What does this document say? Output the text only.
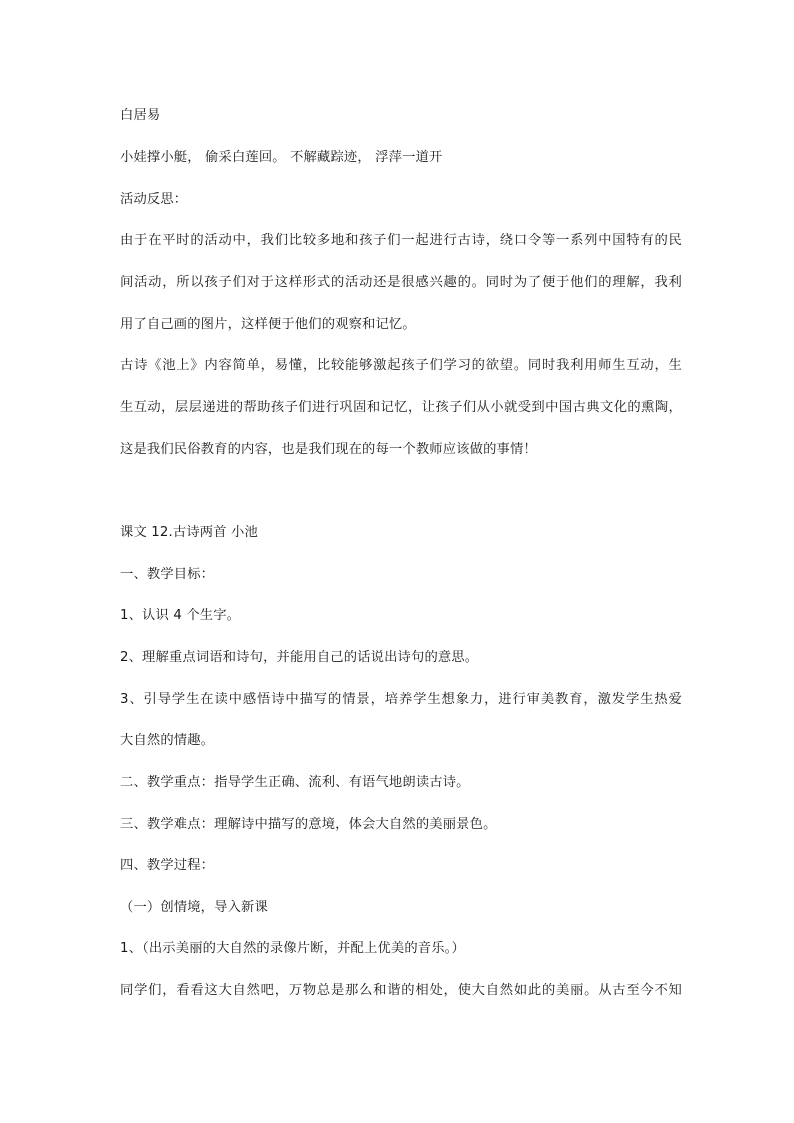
白居易
小娃撑小艇， 偷采白莲回。 不解藏踪迹， 浮萍一道开
活动反思：
由于在平时的活动中，我们比较多地和孩子们一起进行古诗，绕口令等一系列中国特有的民
间活动，所以孩子们对于这样形式的活动还是很感兴趣的。同时为了便于他们的理解，我利
用了自己画的图片，这样便于他们的观察和记忆。
古诗《池上》内容简单，易懂，比较能够激起孩子们学习的欲望。同时我利用师生互动，生
生互动，层层递进的帮助孩子们进行巩固和记忆，让孩子们从小就受到中国古典文化的熏陶，
这是我们民俗教育的内容，也是我们现在的每一个教师应该做的事情！
课文 12.古诗两首 小池
一、教学目标：
1、认识 4 个生字。
2、理解重点词语和诗句，并能用自己的话说出诗句的意思。
3、引导学生在读中感悟诗中描写的情景，培养学生想象力，进行审美教育，激发学生热爱
大自然的情趣。
二、教学重点：指导学生正确、流利、有语气地朗读古诗。
三、教学难点：理解诗中描写的意境，体会大自然的美丽景色。
四、教学过程：
（一）创情境，导入新课
1、（出示美丽的大自然的录像片断，并配上优美的音乐。）
同学们，看看这大自然吧，万物总是那么和谐的相处，使大自然如此的美丽。从古至今不知
